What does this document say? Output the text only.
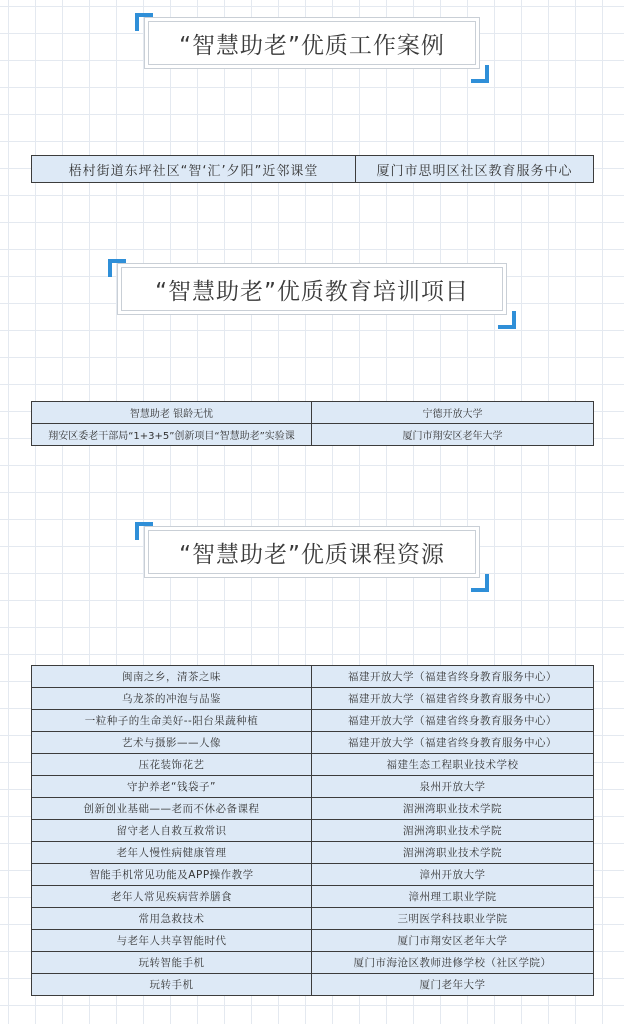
“智慧助老”优质工作案例
梧村街道东坪社区“智‘汇’夕阳”近邻课堂	厦门市思明区社区教育服务中心
“智慧助老”优质教育培训项目
智慧助老 银龄无忧	宁德开放大学
翔安区委老干部局“1+3+5”创新项目“智慧助老”实验课	厦门市翔安区老年大学
“智慧助老”优质课程资源
闽南之乡，清茶之味	福建开放大学（福建省终身教育服务中心）
乌龙茶的冲泡与品鉴	福建开放大学（福建省终身教育服务中心）
一粒种子的生命美好--阳台果蔬种植	福建开放大学（福建省终身教育服务中心）
艺术与摄影——人像	福建开放大学（福建省终身教育服务中心）
压花装饰花艺	福建生态工程职业技术学校
守护养老“钱袋子”	泉州开放大学
创新创业基础——老而不休必备课程	湄洲湾职业技术学院
留守老人自救互救常识	湄洲湾职业技术学院
老年人慢性病健康管理	湄洲湾职业技术学院
智能手机常见功能及APP操作教学	漳州开放大学
老年人常见疾病营养膳食	漳州理工职业学院
常用急救技术	三明医学科技职业学院
与老年人共享智能时代	厦门市翔安区老年大学
玩转智能手机	厦门市海沧区教师进修学校（社区学院）
玩转手机	厦门老年大学
